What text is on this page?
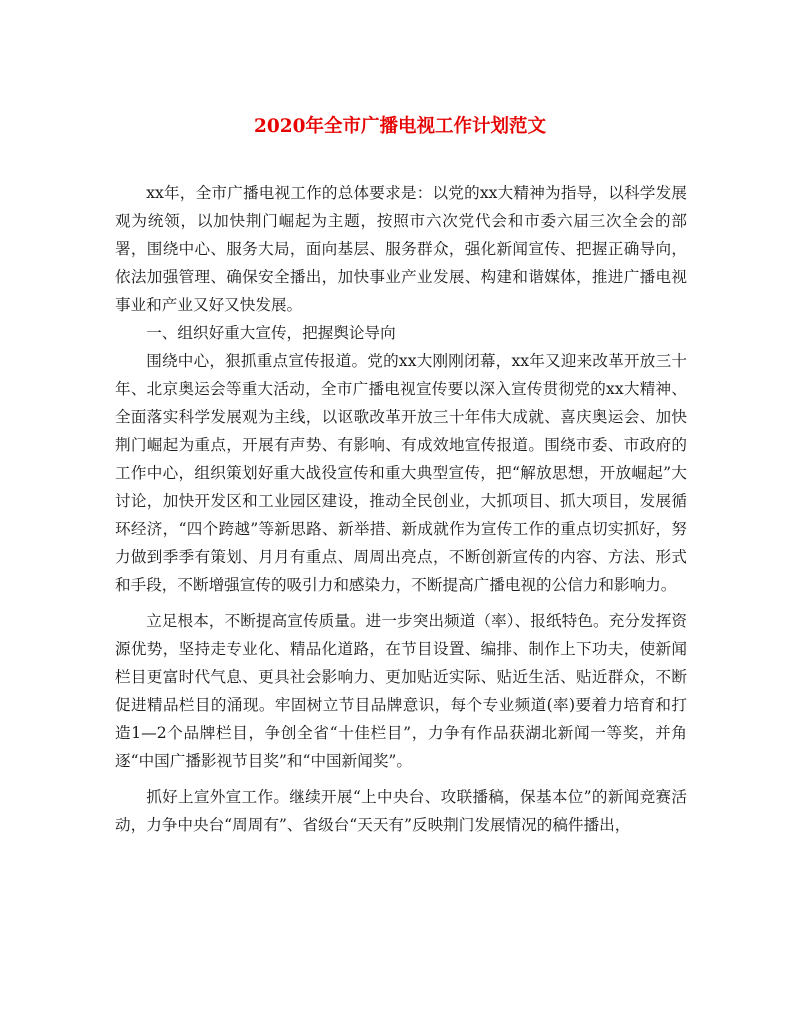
2020年全市广播电视工作计划范文

xx年，全市广播电视工作的总体要求是：以党的xx大精神为指导，以科学发展观为统领，以加快荆门崛起为主题，按照市六次党代会和市委六届三次全会的部署，围绕中心、服务大局，面向基层、服务群众，强化新闻宣传、把握正确导向，依法加强管理、确保安全播出，加快事业产业发展、构建和谐媒体，推进广播电视事业和产业又好又快发展。

一、组织好重大宣传，把握舆论导向

围绕中心，狠抓重点宣传报道。党的xx大刚刚闭幕，xx年又迎来改革开放三十年、北京奥运会等重大活动，全市广播电视宣传要以深入宣传贯彻党的xx大精神、全面落实科学发展观为主线，以讴歌改革开放三十年伟大成就、喜庆奥运会、加快荆门崛起为重点，开展有声势、有影响、有成效地宣传报道。围绕市委、市政府的工作中心，组织策划好重大战役宣传和重大典型宣传，把“解放思想，开放崛起”大讨论，加快开发区和工业园区建设，推动全民创业，大抓项目、抓大项目，发展循环经济，“四个跨越”等新思路、新举措、新成就作为宣传工作的重点切实抓好，努力做到季季有策划、月月有重点、周周出亮点，不断创新宣传的内容、方法、形式和手段，不断增强宣传的吸引力和感染力，不断提高广播电视的公信力和影响力。

立足根本，不断提高宣传质量。进一步突出频道（率）、报纸特色。充分发挥资源优势，坚持走专业化、精品化道路，在节目设置、编排、制作上下功夫，使新闻栏目更富时代气息、更具社会影响力、更加贴近实际、贴近生活、贴近群众，不断促进精品栏目的涌现。牢固树立节目品牌意识，每个专业频道(率)要着力培育和打造1—2个品牌栏目，争创全省“十佳栏目”，力争有作品获湖北新闻一等奖，并角逐“中国广播影视节目奖”和“中国新闻奖”。

抓好上宣外宣工作。继续开展“上中央台、攻联播稿，保基本位”的新闻竞赛活动，力争中央台“周周有”、省级台“天天有”反映荆门发展情况的稿件播出，
